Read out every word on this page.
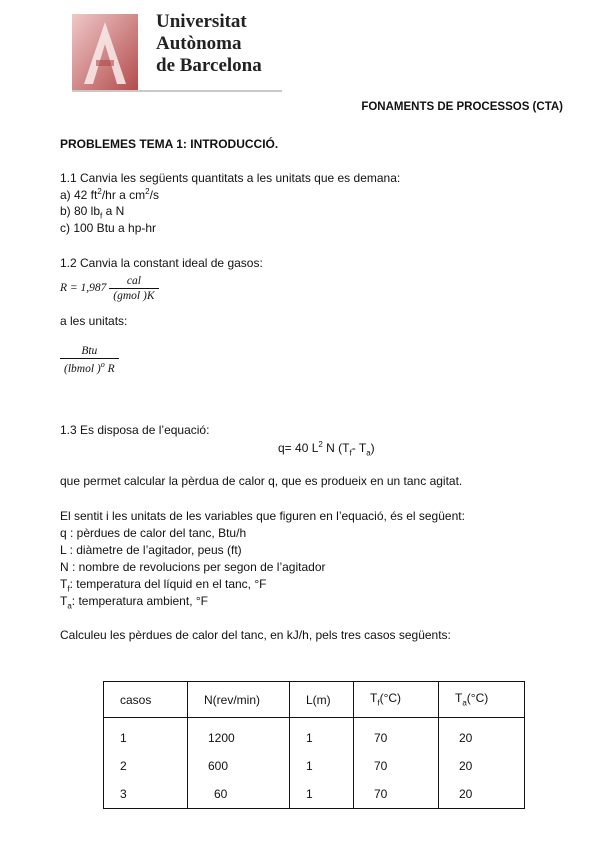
Universitat
Autònoma
de Barcelona
FONAMENTS DE PROCESSOS (CTA)
PROBLEMES TEMA 1: INTRODUCCIÓ.
1.1 Canvia les següents quantitats a les unitats que es demana:
a) 42 $ft^2/hr$ a $cm^2/s$
b) 80 $lb_f$ a N
c) 100 Btu a hp-hr
1.2 Canvia la constant ideal de gasos:
$R = 1,987 \frac{\text{cal}}{\text{(gmol )K}}$
a les unitats:
$\frac{\text{Btu}}{(lbmol )^o R}$
1.3 Es disposa de l’equació:
q= 40 $L^2$ N ($T_f-$ $T_a$)
que permet calcular la pèrdua de calor q, que es produeix en un tanc agitat.
El sentit i les unitats de les variables que figuren en l’equació, és el següent:
q : pèrdues de calor del tanc, Btu/h
L : diàmetre de l’agitador, peus (ft)
N : nombre de revolucions per segon de l’agitador
$T_f$: temperatura del líquid en el tanc, °F
$T_a$: temperatura ambient, °F
Calculeu les pèrdues de calor del tanc, en kJ/h, pels tres casos següents:
casos	N(rev/min)	L(m)	$T_f(^\circ C)$	$T_a(^\circ C)$
1	1200	1	70	20
2	600	1	70	20
3	60	1	70	20
